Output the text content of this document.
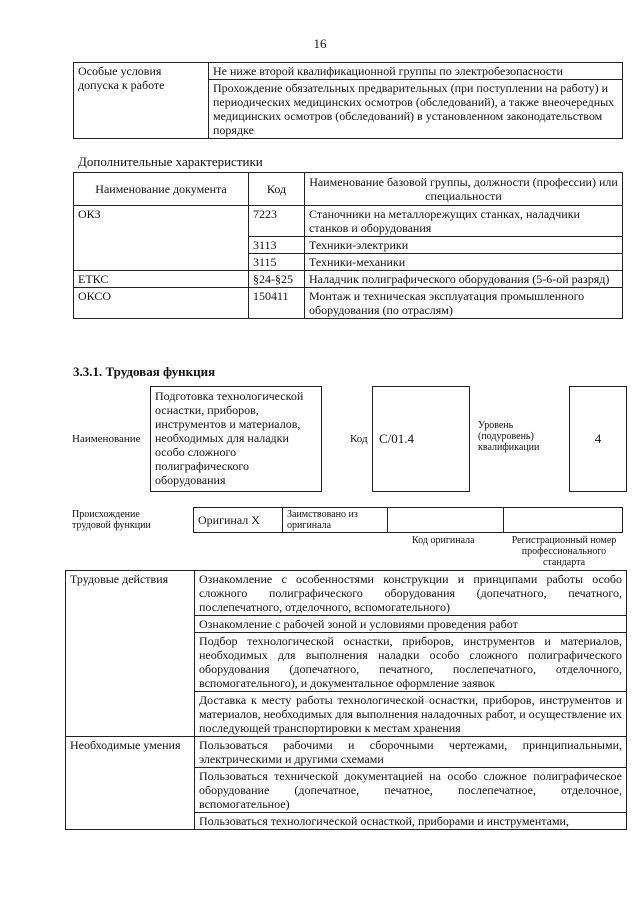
16
Особые условия допуска к работе	Не ниже второй квалификационной группы по электробезопасности
Прохождение обязательных предварительных (при поступлении на работу) и периодических медицинских осмотров (обследований), а также внеочередных медицинских осмотров (обследований) в установленном законодательством порядке
Дополнительные характеристики
Наименование документа	Код	Наименование базовой группы, должности (профессии) или специальности
ОКЗ	7223	Станочники на металлорежущих станках, наладчики станков и оборудования
	3113	Техники-электрики
	3115	Техники-механики
ЕТКС	§24-§25	Наладчик полиграфического оборудования (5-6-ой разряд)
ОКСО	150411	Монтаж и техническая эксплуатация промышленного оборудования (по отраслям)
3.3.1. Трудовая функция
Наименование
Подготовка технологической оснастки, приборов, инструментов и материалов, необходимых для наладки особо сложного полиграфического оборудования
Код С/01.4
Уровень (подуровень) квалификации
4
Происхождение трудовой функции	Оригинал X	Заимствовано из оригинала		
Код оригинала	Регистрационный номер профессионального стандарта
Трудовые действия	Ознакомление с особенностями конструкции и принципами работы особо сложного полиграфического оборудования (допечатного, печатного, послепечатного, отделочного, вспомогательного)
	Ознакомление с рабочей зоной и условиями проведения работ
	Подбор технологической оснастки, приборов, инструментов и материалов, необходимых для выполнения наладки особо сложного полиграфического оборудования (допечатного, печатного, послепечатного, отделочного, вспомогательного), и документальное оформление заявок
	Доставка к месту работы технологической оснастки, приборов, инструментов и материалов, необходимых для выполнения наладочных работ, и осуществление их последующей транспортировки к местам хранения
Необходимые умения	Пользоваться рабочими и сборочными чертежами, принципиальными, электрическими и другими схемами
	Пользоваться технической документацией на особо сложное полиграфическое оборудование (допечатное, печатное, послепечатное, отделочное, вспомогательное)
	Пользоваться технологической оснасткой, приборами и инструментами,
